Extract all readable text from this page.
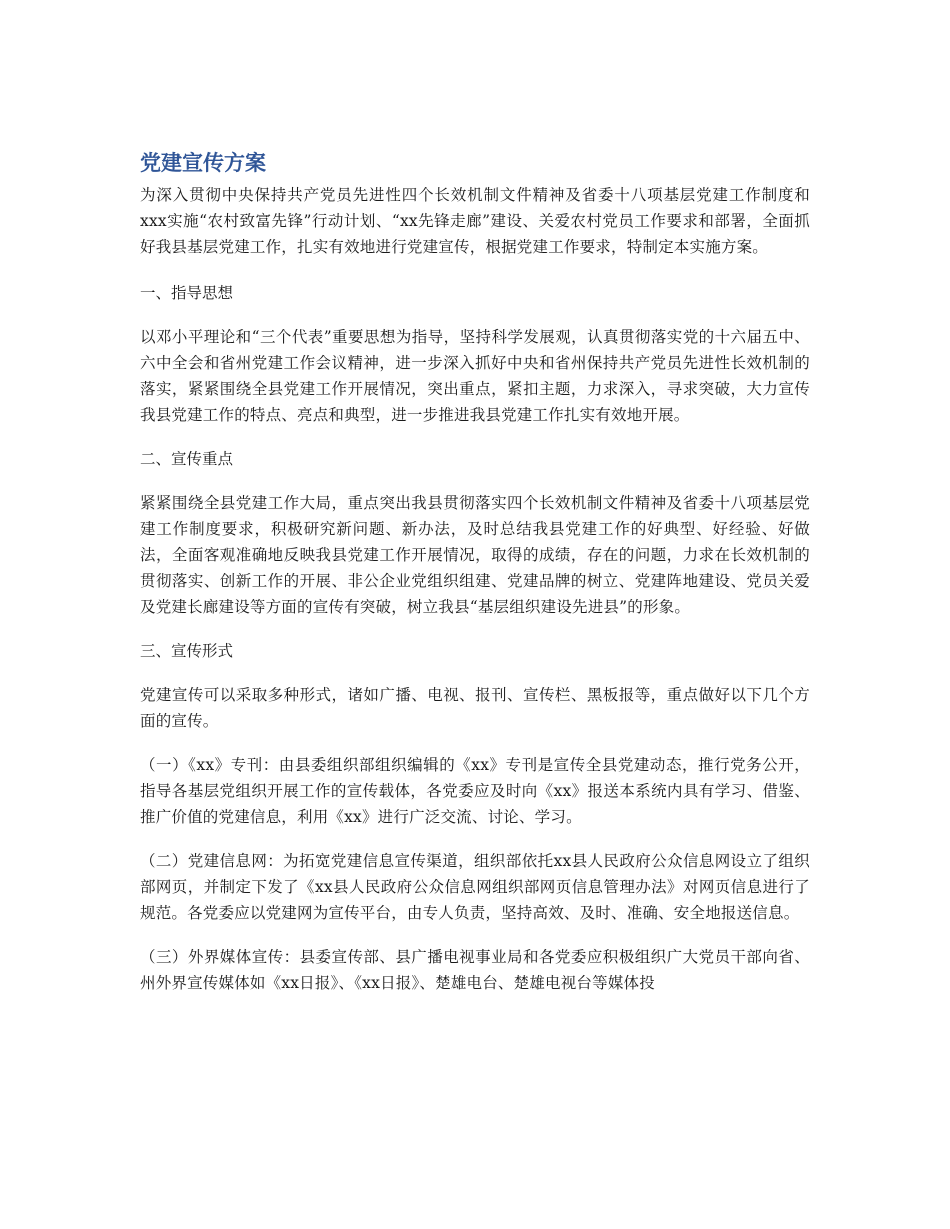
党建宣传方案

为深入贯彻中央保持共产党员先进性四个长效机制文件精神及省委十八项基层党建工作制度和xxx实施“农村致富先锋”行动计划、“xx先锋走廊”建设、关爱农村党员工作要求和部署，全面抓好我县基层党建工作，扎实有效地进行党建宣传，根据党建工作要求，特制定本实施方案。

一、指导思想

以邓小平理论和“三个代表”重要思想为指导，坚持科学发展观，认真贯彻落实党的十六届五中、六中全会和省州党建工作会议精神，进一步深入抓好中央和省州保持共产党员先进性长效机制的落实，紧紧围绕全县党建工作开展情况，突出重点，紧扣主题，力求深入，寻求突破，大力宣传我县党建工作的特点、亮点和典型，进一步推进我县党建工作扎实有效地开展。

二、宣传重点

紧紧围绕全县党建工作大局，重点突出我县贯彻落实四个长效机制文件精神及省委十八项基层党建工作制度要求，积极研究新问题、新办法，及时总结我县党建工作的好典型、好经验、好做法，全面客观准确地反映我县党建工作开展情况，取得的成绩，存在的问题，力求在长效机制的贯彻落实、创新工作的开展、非公企业党组织组建、党建品牌的树立、党建阵地建设、党员关爱及党建长廊建设等方面的宣传有突破，树立我县“基层组织建设先进县”的形象。

三、宣传形式

党建宣传可以采取多种形式，诸如广播、电视、报刊、宣传栏、黑板报等，重点做好以下几个方面的宣传。

（一）《xx》专刊：由县委组织部组织编辑的《xx》专刊是宣传全县党建动态，推行党务公开，指导各基层党组织开展工作的宣传载体，各党委应及时向《xx》报送本系统内具有学习、借鉴、推广价值的党建信息，利用《xx》进行广泛交流、讨论、学习。

（二）党建信息网：为拓宽党建信息宣传渠道，组织部依托xx县人民政府公众信息网设立了组织部网页，并制定下发了《xx县人民政府公众信息网组织部网页信息管理办法》对网页信息进行了规范。各党委应以党建网为宣传平台，由专人负责，坚持高效、及时、准确、安全地报送信息。

（三）外界媒体宣传：县委宣传部、县广播电视事业局和各党委应积极组织广大党员干部向省、州外界宣传媒体如《xx日报》、《xx日报》、楚雄电台、楚雄电视台等媒体投
